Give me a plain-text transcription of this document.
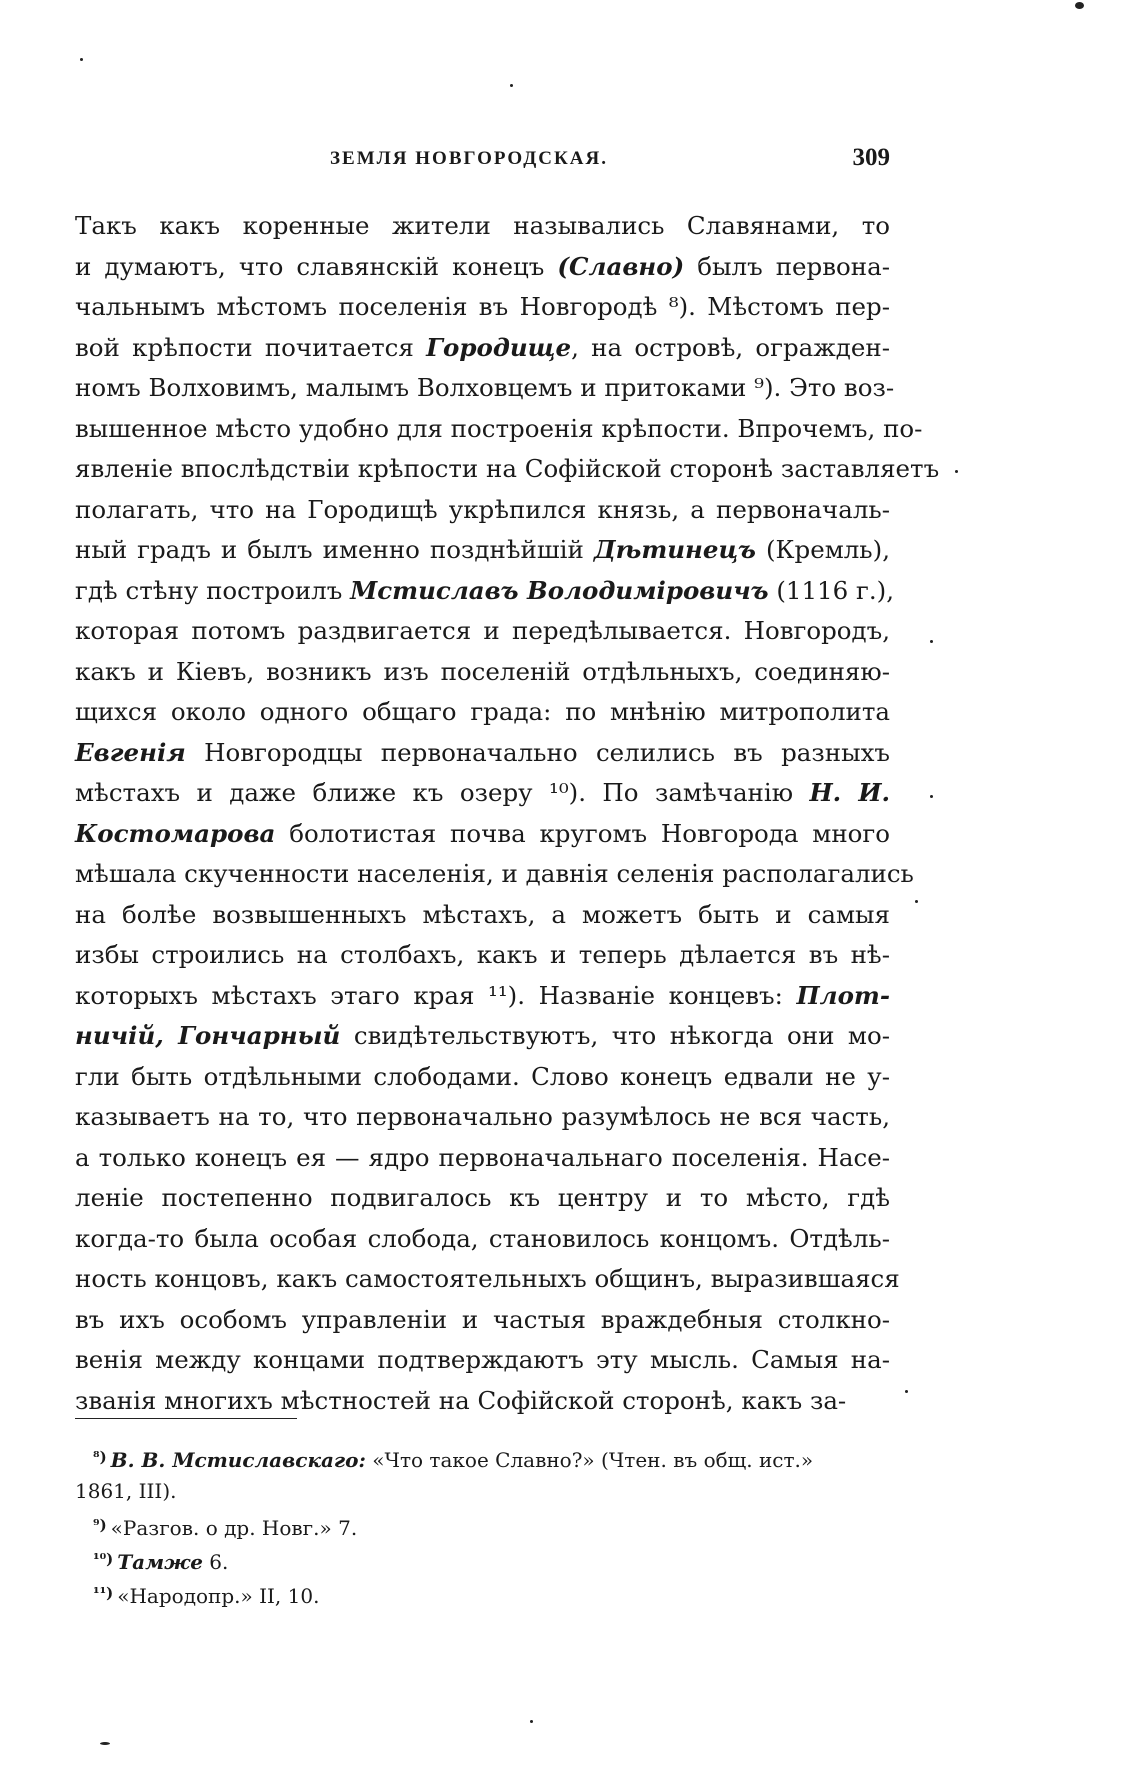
ЗЕМЛЯ НОВГОРОДСКАЯ.	309
Такъ какъ коренные жители назывались Славянами, то
и думаютъ, что славянскій конецъ (Славно) былъ первона-
чальнымъ мѣстомъ поселенія въ Новгородѣ ⁸). Мѣстомъ пер-
вой крѣпости почитается Городище, на островѣ, огражден-
номъ Волховимъ, малымъ Волховцемъ и притоками ⁹). Это воз-
вышенное мѣсто удобно для построенія крѣпости. Впрочемъ, по-
явленіе впослѣдствіи крѣпости на Софійской сторонѣ заставляетъ
полагать, что на Городищѣ укрѣпился князь, а первоначаль-
ный градъ и былъ именно позднѣйшій Дѣтинецъ (Кремль),
гдѣ стѣну построилъ Мстиславъ Володиміровичъ (1116 г.),
которая потомъ раздвигается и передѣлывается. Новгородъ,
какъ и Кіевъ, возникъ изъ поселеній отдѣльныхъ, соединяю-
щихся около одного общаго града: по мнѣнію митрополита
Евгенія Новгородцы первоначально селились въ разныхъ
мѣстахъ и даже ближе къ озеру ¹⁰). По замѣчанію Н. И.
Костомарова болотистая почва кругомъ Новгорода много
мѣшала скученности населенія, и давнія селенія располагались
на болѣе возвышенныхъ мѣстахъ, а можетъ быть и самыя
избы строились на столбахъ, какъ и теперь дѣлается въ нѣ-
которыхъ мѣстахъ этаго края ¹¹). Названіе концевъ: Плот-
ничій, Гончарный свидѣтельствуютъ, что нѣкогда они мо-
гли быть отдѣльными слободами. Слово конецъ едвали не у-
казываетъ на то, что первоначально разумѣлось не вся часть,
а только конецъ ея — ядро первоначальнаго поселенія. Насе-
леніе постепенно подвигалось къ центру и то мѣсто, гдѣ
когда-то была особая слобода, становилось концомъ. Отдѣль-
ность концовъ, какъ самостоятельныхъ общинъ, выразившаяся
въ ихъ особомъ управленіи и частыя враждебныя столкно-
венія между концами подтверждаютъ эту мысль. Самыя на-
званія многихъ мѣстностей на Софійской сторонѣ, какъ за-
$^{^8)}$ В. В. Мстиславскаго: «Что такое Славно?» (Чтен. въ общ. ист.»
1861, III).
$^{^9)}$ «Разгов. о др. Новг.» 7.
$^{^{10})}$ Тамже 6.
$^{^{11})}$ «Народопр.» II, 10.
